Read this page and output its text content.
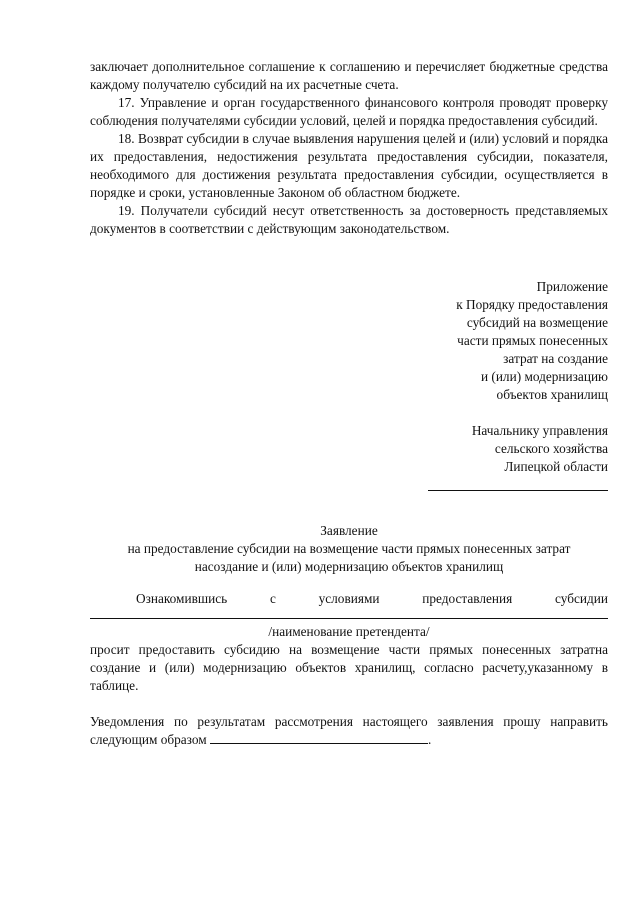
заключает дополнительное соглашение к соглашению и перечисляет бюджетные средства каждому получателю субсидий на их расчетные счета.

17. Управление и орган государственного финансового контроля проводят проверку соблюдения получателями субсидии условий, целей и порядка предоставления субсидий.

18. Возврат субсидии в случае выявления нарушения целей и (или) условий и порядка их предоставления, недостижения результата предоставления субсидии, показателя, необходимого для достижения результата предоставления субсидии, осуществляется в порядке и сроки, установленные Законом об областном бюджете.

19. Получатели субсидий несут ответственность за достоверность представляемых документов в соответствии с действующим законодательством.

Приложение
к Порядку предоставления
субсидий на возмещение
части прямых понесенных
затрат на создание
и (или) модернизацию
объектов хранилищ
Начальнику управления
сельского хозяйства
Липецкой области

Заявление

на предоставление субсидии на возмещение части прямых понесенных затрат

насоздание и (или) модернизацию объектов хранилищ

Ознакомившись с условиями предоставления субсидии

/наименование претендента/

просит предоставить субсидию на возмещение части прямых понесенных затратна создание и (или) модернизацию объектов хранилищ, согласно расчету,указанному в таблице.

Уведомления по результатам рассмотрения настоящего заявления прошу направить следующим образом	.
